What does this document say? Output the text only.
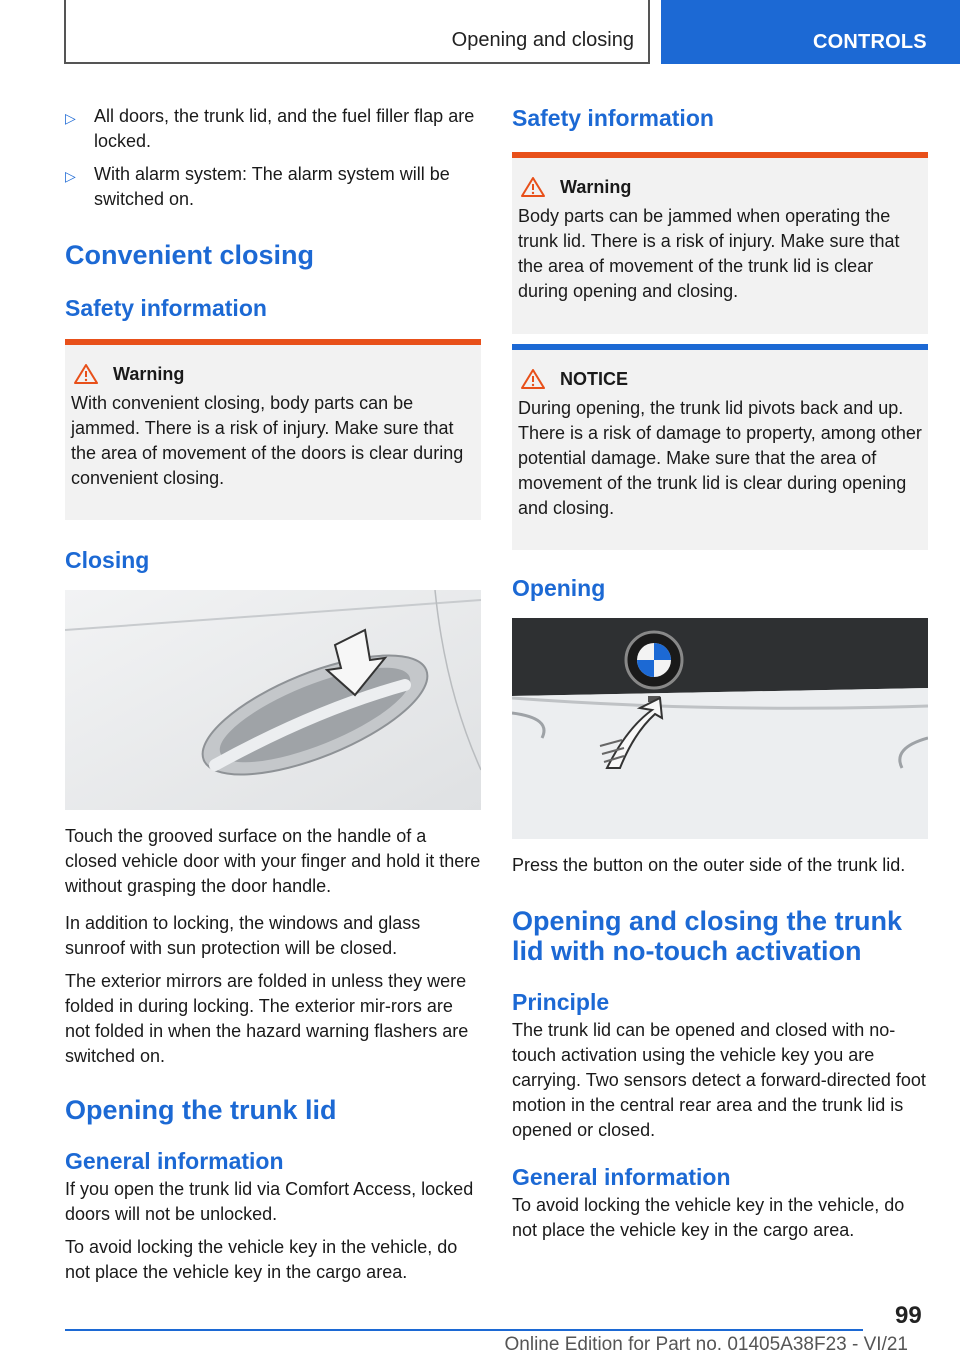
Opening and closing	CONTROLS
▷ All doors, the trunk lid, and the fuel filler flap are locked.
▷ With alarm system: The alarm system will be switched on.
Convenient closing
Safety information
Warning
With convenient closing, body parts can be jammed. There is a risk of injury. Make sure that the area of movement of the doors is clear during convenient closing.
Closing

Touch the grooved surface on the handle of a closed vehicle door with your finger and hold it there without grasping the door handle.

In addition to locking, the windows and glass sunroof with sun protection will be closed.

The exterior mirrors are folded in unless they were folded in during locking. The exterior mir-rors are not folded in when the hazard warning flashers are switched on.

Opening the trunk lid
General information

If you open the trunk lid via Comfort Access, locked doors will not be unlocked.

To avoid locking the vehicle key in the vehicle, do not place the vehicle key in the cargo area.

Safety information
Warning
Body parts can be jammed when operating the trunk lid. There is a risk of injury. Make sure that the area of movement of the trunk lid is clear during opening and closing.
NOTICE
During opening, the trunk lid pivots back and up. There is a risk of damage to property, among other potential damage. Make sure that the area of movement of the trunk lid is clear during opening and closing.
Opening

Press the button on the outer side of the trunk lid.

Opening and closing the trunk lid with no-touch activation
Principle

The trunk lid can be opened and closed with no-touch activation using the vehicle key you are carrying. Two sensors detect a forward-directed foot motion in the central rear area and the trunk lid is opened or closed.

General information

To avoid locking the vehicle key in the vehicle, do not place the vehicle key in the cargo area.

99
Online Edition for Part no. 01405A38F23 - VI/21
